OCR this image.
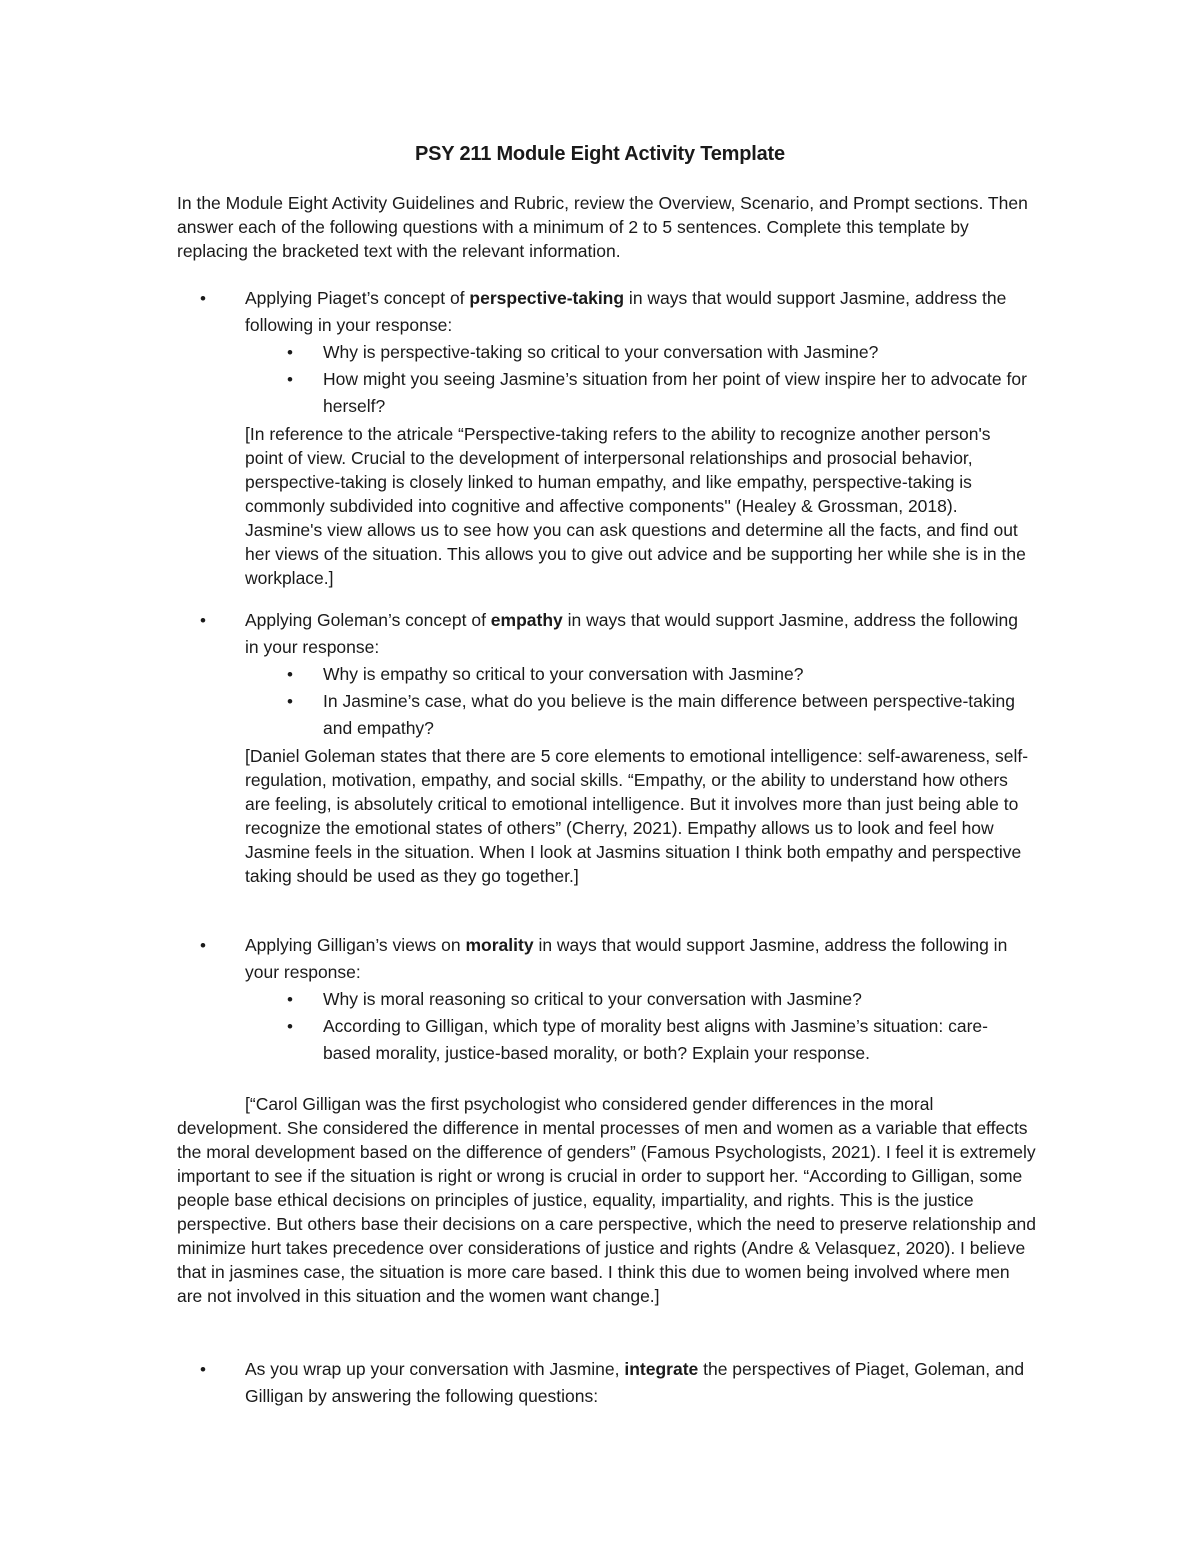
PSY 211 Module Eight Activity Template

In the Module Eight Activity Guidelines and Rubric, review the Overview, Scenario, and Prompt sections. Then answer each of the following questions with a minimum of 2 to 5 sentences. Complete this template by replacing the bracketed text with the relevant information.

• Applying Piaget’s concept of perspective-taking in ways that would support Jasmine, address the following in your response:
•	Why is perspective-taking so critical to your conversation with Jasmine?
•	How might you seeing Jasmine’s situation from her point of view inspire her to advocate for herself?
[In reference to the atricale “Perspective-taking refers to the ability to recognize another person's point of view. Crucial to the development of interpersonal relationships and prosocial behavior, perspective-taking is closely linked to human empathy, and like empathy, perspective-taking is commonly subdivided into cognitive and affective components'' (Healey & Grossman, 2018). Jasmine's view allows us to see how you can ask questions and determine all the facts, and find out her views of the situation. This allows you to give out advice and be supporting her while she is in the workplace.]
• Applying Goleman’s concept of empathy in ways that would support Jasmine, address the following in your response:
•	Why is empathy so critical to your conversation with Jasmine?
•	In Jasmine’s case, what do you believe is the main difference between perspective-taking and empathy?
[Daniel Goleman states that there are 5 core elements to emotional intelligence: self-awareness, self-regulation, motivation, empathy, and social skills. “Empathy, or the ability to understand how others are feeling, is absolutely critical to emotional intelligence. But it involves more than just being able to recognize the emotional states of others” (Cherry, 2021). Empathy allows us to look and feel how Jasmine feels in the situation. When I look at Jasmins situation I think both empathy and perspective taking should be used as they go together.]
• Applying Gilligan’s views on morality in ways that would support Jasmine, address the following in your response:
•	Why is moral reasoning so critical to your conversation with Jasmine?
•	According to Gilligan, which type of morality best aligns with Jasmine’s situation: care-based morality, justice-based morality, or both? Explain your response.
[“Carol Gilligan was the first psychologist who considered gender differences in the moral development. She considered the difference in mental processes of men and women as a variable that effects the moral development based on the difference of genders” (Famous Psychologists, 2021). I feel it is extremely important to see if the situation is right or wrong is crucial in order to support her. “According to Gilligan, some people base ethical decisions on principles of justice, equality, impartiality, and rights. This is the justice perspective. But others base their decisions on a care perspective, which the need to preserve relationship and minimize hurt takes precedence over considerations of justice and rights (Andre & Velasquez, 2020). I believe that in jasmines case, the situation is more care based. I think this due to women being involved where men are not involved in this situation and the women want change.]
• As you wrap up your conversation with Jasmine, integrate the perspectives of Piaget, Goleman, and Gilligan by answering the following questions:
